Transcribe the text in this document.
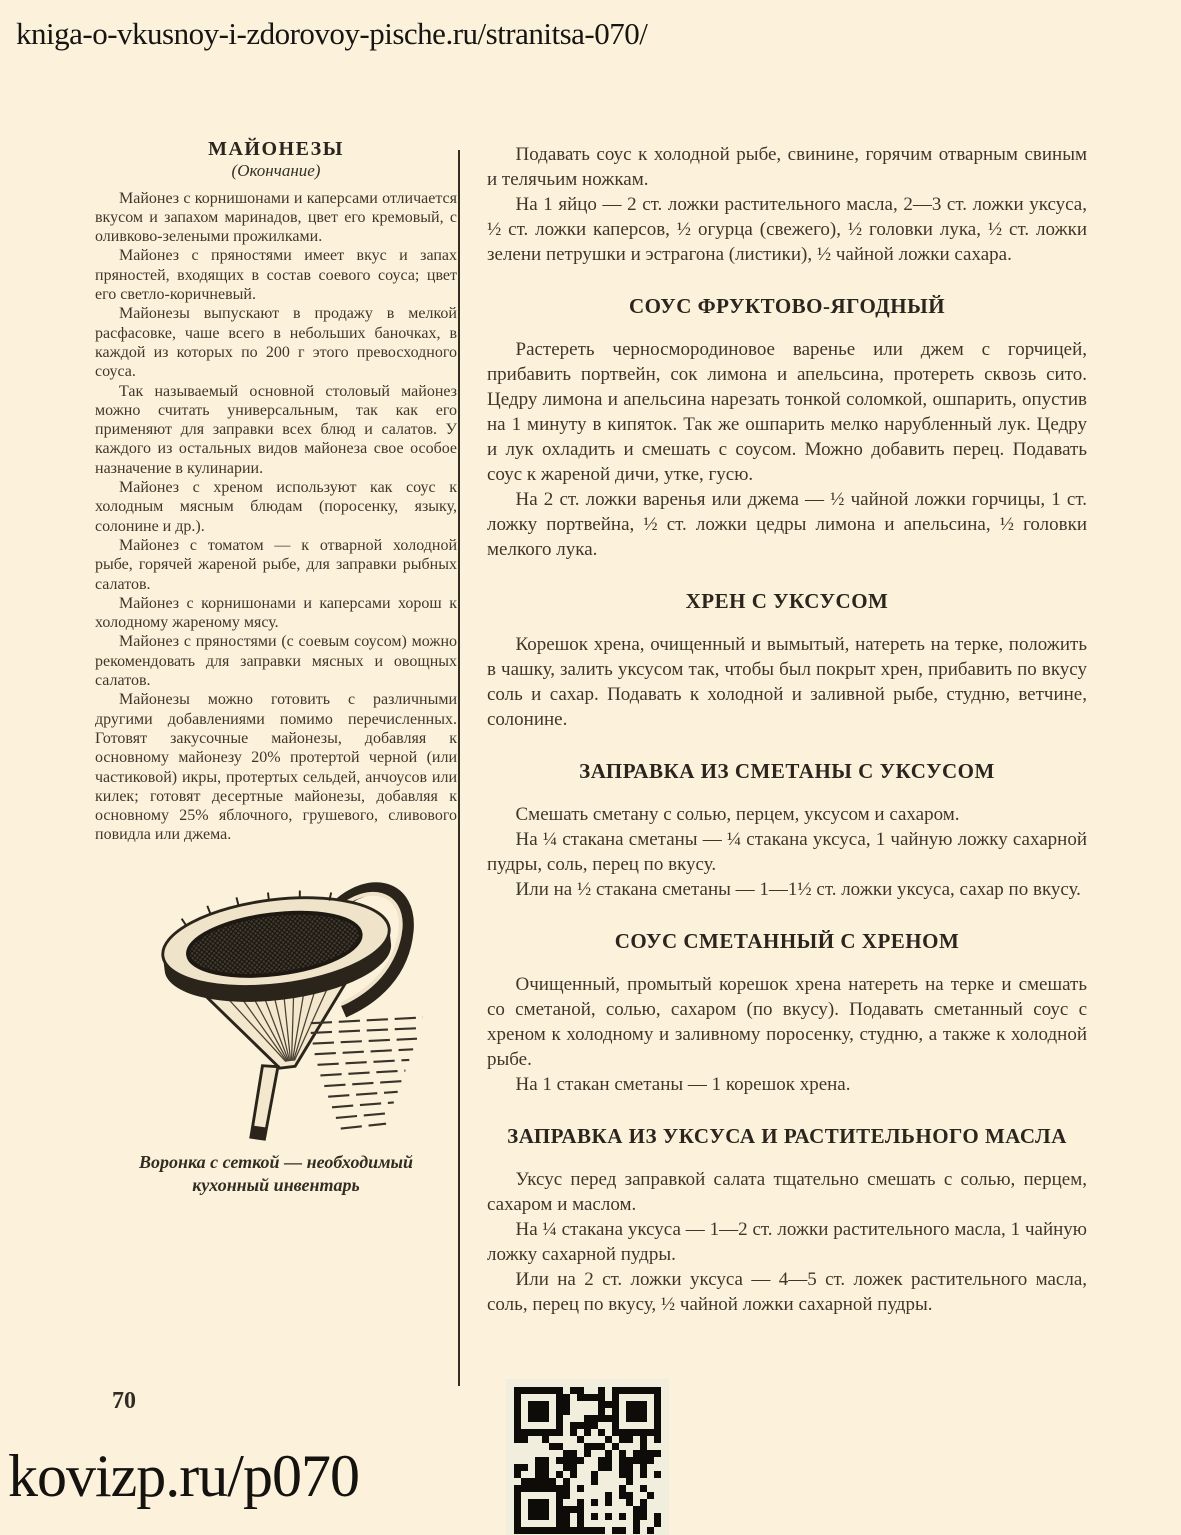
kniga-o-vkusnoy-i-zdorovoy-pische.ru/stranitsa-070/
МАЙОНЕЗЫ

(Окончание)

Майонез с корнишонами и каперсами отличается вкусом и запахом маринадов, цвет его кремовый, с оливково-зелеными прожилками.

Майонез с пряностями имеет вкус и запах пряностей, входящих в состав соевого соуса; цвет его светло-коричневый.

Майонезы выпускают в продажу в мелкой расфасовке, чаше всего в небольших баночках, в каждой из которых по 200 г этого превосходного соуса.

Так называемый основной столовый майонез можно считать универсальным, так как его применяют для заправки всех блюд и салатов. У каждого из остальных видов майонеза свое особое назначение в кулинарии.

Майонез с хреном используют как соус к холодным мясным блюдам (поросенку, языку, солонине и др.).

Майонез с томатом — к отварной холодной рыбе, горячей жареной рыбе, для заправки рыбных салатов.

Майонез с корнишонами и каперсами хорош к холодному жареному мясу.

Майонез с пряностями (с соевым соусом) можно рекомендовать для заправки мясных и овощных салатов.

Майонезы можно готовить с различными другими добавлениями помимо перечисленных. Готовят закусочные майонезы, добавляя к основному майонезу 20% протертой черной (или частиковой) икры, протертых сельдей, анчоусов или килек; готовят десертные майонезы, добавляя к основному 25% яблочного, грушевого, сливового повидла или джема.

Воронка с сеткой — необходимый
кухонный инвентарь

Подавать соус к холодной рыбе, свинине, горячим отварным свиным и телячьим ножкам.

На 1 яйцо — 2 ст. ложки растительного масла, 2—3 ст. ложки уксуса, ½ ст. ложки каперсов, ½ огурца (свежего), ½ головки лука, ½ ст. ложки зелени петрушки и эстрагона (листики), ½ чайной ложки сахара.

СОУС ФРУКТОВО-ЯГОДНЫЙ

Растереть черносмородиновое варенье или джем с горчицей, прибавить портвейн, сок лимона и апельсина, протереть сквозь сито. Цедру лимона и апельсина нарезать тонкой соломкой, ошпарить, опустив на 1 минуту в кипяток. Так же ошпарить мелко нарубленный лук. Цедру и лук охладить и смешать с соусом. Можно добавить перец. Подавать соус к жареной дичи, утке, гусю.

На 2 ст. ложки варенья или джема — ½ чайной ложки горчицы, 1 ст. ложку портвейна, ½ ст. ложки цедры лимона и апельсина, ½ головки мелкого лука.

ХРЕН С УКСУСОМ

Корешок хрена, очищенный и вымытый, натереть на терке, положить в чашку, залить уксусом так, чтобы был покрыт хрен, прибавить по вкусу соль и сахар. Подавать к холодной и заливной рыбе, студню, ветчине, солонине.

ЗАПРАВКА ИЗ СМЕТАНЫ С УКСУСОМ

Смешать сметану с солью, перцем, уксусом и сахаром.

На ¼ стакана сметаны — ¼ стакана уксуса, 1 чайную ложку сахарной пудры, соль, перец по вкусу.

Или на ½ стакана сметаны — 1—1½ ст. ложки уксуса, сахар по вкусу.

СОУС СМЕТАННЫЙ С ХРЕНОМ

Очищенный, промытый корешок хрена натереть на терке и смешать со сметаной, солью, сахаром (по вкусу). Подавать сметанный соус с хреном к холодному и заливному поросенку, студню, а также к холодной рыбе.

На 1 стакан сметаны — 1 корешок хрена.

ЗАПРАВКА ИЗ УКСУСА И РАСТИТЕЛЬНОГО МАСЛА

Уксус перед заправкой салата тщательно смешать с солью, перцем, сахаром и маслом.

На ¼ стакана уксуса — 1—2 ст. ложки растительного масла, 1 чайную ложку сахарной пудры.

Или на 2 ст. ложки уксуса — 4—5 ст. ложек растительного масла, соль, перец по вкусу, ½ чайной ложки сахарной пудры.

70
kovizp.ru/p070
